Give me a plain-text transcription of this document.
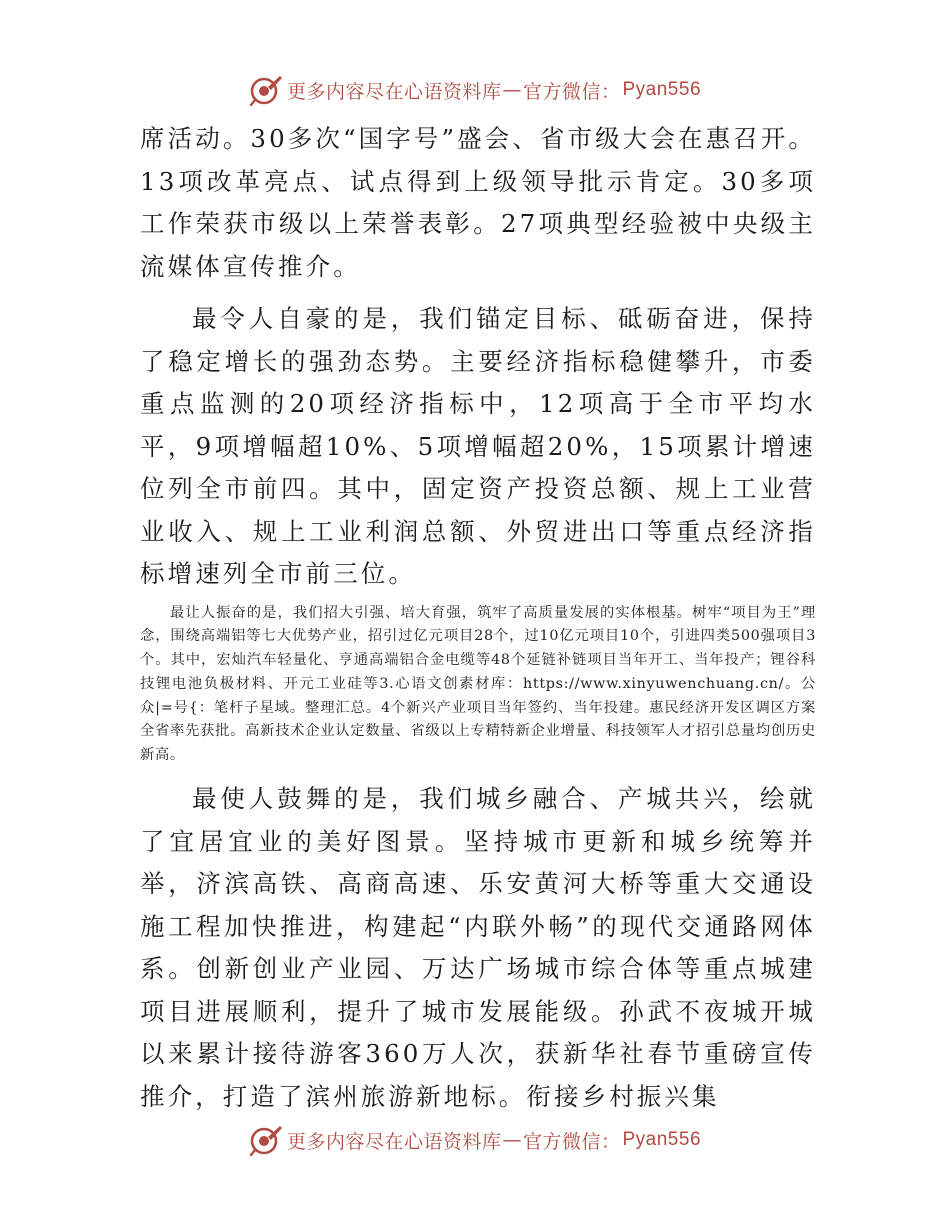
更多内容尽在心语资料库 — 官方微信： Pyan556

席活动。30多次“国字号”盛会、省市级大会在惠召开。13项改革亮点、试点得到上级领导批示肯定。30多项工作荣获市级以上荣誉表彰。27项典型经验被中央级主流媒体宣传推介。

最令人自豪的是，我们锚定目标、砥砺奋进，保持了稳定增长的强劲态势。主要经济指标稳健攀升，市委重点监测的20项经济指标中，12项高于全市平均水平，9项增幅超10%、5项增幅超20%，15项累计增速位列全市前四。其中，固定资产投资总额、规上工业营业收入、规上工业利润总额、外贸进出口等重点经济指标增速列全市前三位。

最让人振奋的是，我们招大引强、培大育强，筑牢了高质量发展的实体根基。树牢“项目为王”理念，围绕高端铝等七大优势产业，招引过亿元项目28个，过10亿元项目10个，引进四类500强项目3个。其中，宏灿汽车轻量化、亨通高端铝合金电缆等48个延链补链项目当年开工、当年投产；锂谷科技锂电池负极材料、开元工业硅等3.心语文创素材库：https://www.xinyuwenchuang.cn/。公众|=号{：笔杆子星域。整理汇总。4个新兴产业项目当年签约、当年投建。惠民经济开发区调区方案全省率先获批。高新技术企业认定数量、省级以上专精特新企业增量、科技领军人才招引总量均创历史新高。

最使人鼓舞的是，我们城乡融合、产城共兴，绘就了宜居宜业的美好图景。坚持城市更新和城乡统筹并举，济滨高铁、高商高速、乐安黄河大桥等重大交通设施工程加快推进，构建起“内联外畅”的现代交通路网体系。创新创业产业园、万达广场城市综合体等重点城建项目进展顺利，提升了城市发展能级。孙武不夜城开城以来累计接待游客360万人次，获新华社春节重磅宣传推介，打造了滨州旅游新地标。衔接乡村振兴集

更多内容尽在心语资料库 — 官方微信： Pyan556
